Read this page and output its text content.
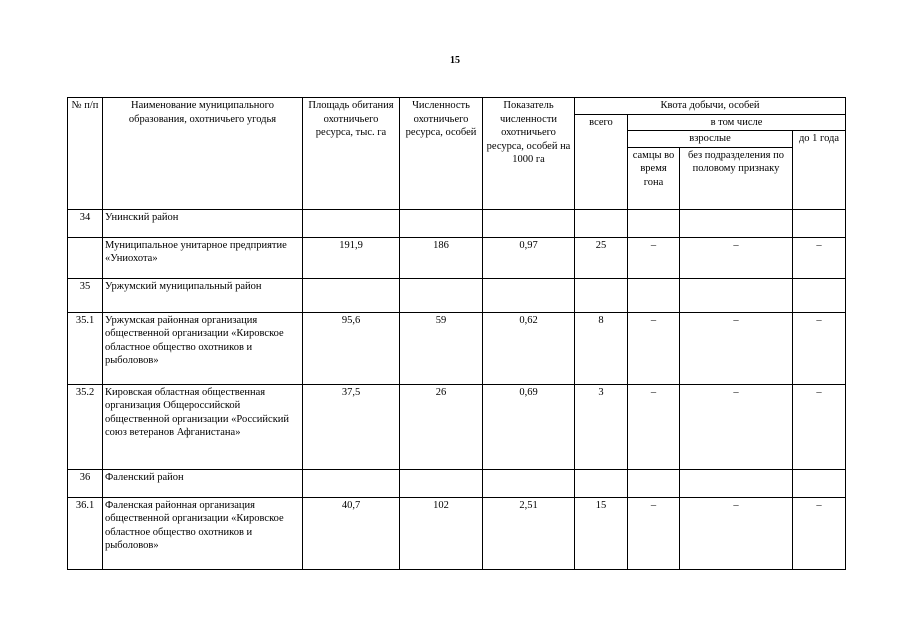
15
№ п/п	Наименование муниципального образования, охотничьего угодья	Площадь обитания охотничьего ресурса, тыс. га	Численность охотничьего ресурса, особей	Показатель численности охотничьего ресурса, особей на 1000 га	Квота добычи, особей			
					всего	в том числе		
						взрослые		до 1 года
						самцы во время гона	без подразделения по половому признаку	
34	Унинский район							
	Муниципальное унитарное предприятие «Униохота»	191,9	186	0,97	25	–	–	–
35	Уржумский муниципальный район							
35.1	Уржумская районная организация общественной организации «Кировское областное общество охотников и рыболовов»	95,6	59	0,62	8	–	–	–
35.2	Кировская областная общественная организация Общероссийской общественной организации «Российский союз ветеранов Афганистана»	37,5	26	0,69	3	–	–	–
36	Фаленский район							
36.1	Фаленская районная организация общественной организации «Кировское областное общество охотников и рыболовов»	40,7	102	2,51	15	–	–	–
